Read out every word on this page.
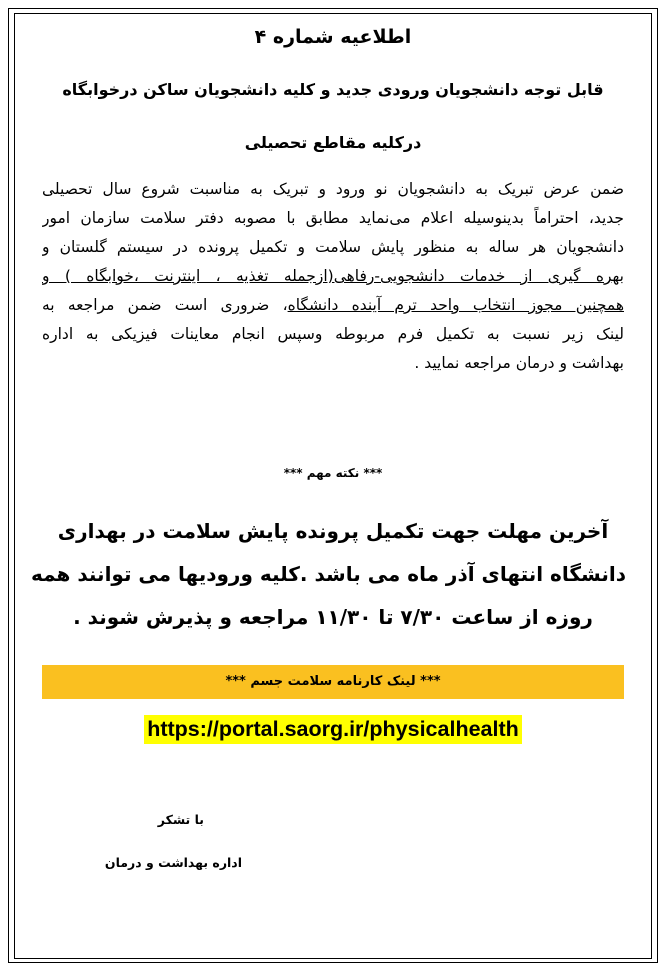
اطلاعیه شماره ۴
قابل توجه دانشجویان ورودی جدید و کلیه دانشجویان ساکن درخوابگاه
درکلیه مقاطع تحصیلی
ضمن عرض تبریک به دانشجویان نو ورود و تبریک به مناسبت شروع سال تحصیلی
جدید، احتراماً بدینوسیله اعلام می‌نماید مطابق با مصوبه دفتر سلامت سازمان امور
دانشجویان هر ساله به منظور پایش سلامت و تکمیل پرونده در سیستم گلستان و
بهره گیری از خدمات دانشجویی-رفاهی(ازجمله تغذیه ، اینترنت ،خوابگاه ) و
همچنین مجوز انتخاب واحد ترم آینده دانشگاه، ضروری است ضمن مراجعه به
لینک زیر نسبت به تکمیل فرم مربوطه وسپس انجام معاینات فیزیکی به اداره
بهداشت و درمان مراجعه نمایید .
*** نکته مهم ***
آخرین مهلت جهت تکمیل پرونده پایش سلامت در بهداری
دانشگاه انتهای آذر ماه می باشد .کلیه ورودیها می توانند همه
روزه از ساعت ۷/۳۰ تا ۱۱/۳۰ مراجعه و پذیرش شوند .
*** لینک کارنامه سلامت جسم ***
https://portal.saorg.ir/physicalhealth
با تشکر
اداره بهداشت و درمان
